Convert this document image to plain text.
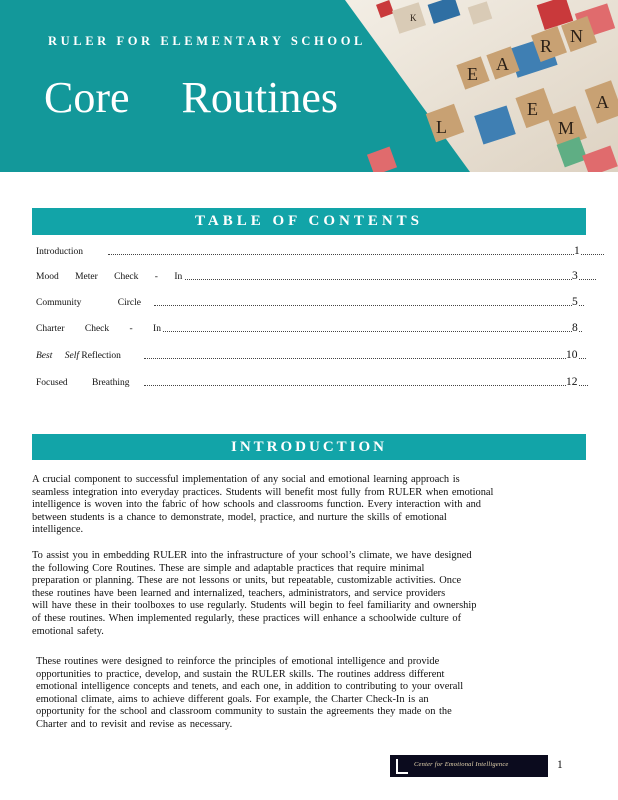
L
E A
R N
E
M
A
K
RULER FOR ELEMENTARY SCHOOL
Core Routines
TABLE OF CONTENTS
Introduction	1
Mood Meter Check - In	3
Community Circle	5
Charter Check - In	8
Best Self Reflection	10
Focused Breathing	12
INTRODUCTION
A crucial component to successful implementation of any social and emotional learning approach is
seamless integration into everyday practices. Students will benefit most fully from RULER when emotional
intelligence is woven into the fabric of how schools and classrooms function. Every interaction with and
between students is a chance to demonstrate, model, practice, and nurture the skills of emotional
intelligence.
To assist you in embedding RULER into the infrastructure of your school’s climate, we have designed
the following Core Routines. These are simple and adaptable practices that require minimal
preparation or planning. These are not lessons or units, but repeatable, customizable activities. Once
these routines have been learned and internalized, teachers, administrators, and service providers
will have these in their toolboxes to use regularly. Students will begin to feel familiarity and ownership
of these routines. When implemented regularly, these practices will enhance a schoolwide culture of
emotional safety.
These routines were designed to reinforce the principles of emotional intelligence and provide
opportunities to practice, develop, and sustain the RULER skills. The routines address different
emotional intelligence concepts and tenets, and each one, in addition to contributing to your overall
emotional climate, aims to achieve different goals. For example, the Charter Check-In is an
opportunity for the school and classroom community to sustain the agreements they made on the
Charter and to revisit and revise as necessary.
Center for Emotional Intelligence	1
